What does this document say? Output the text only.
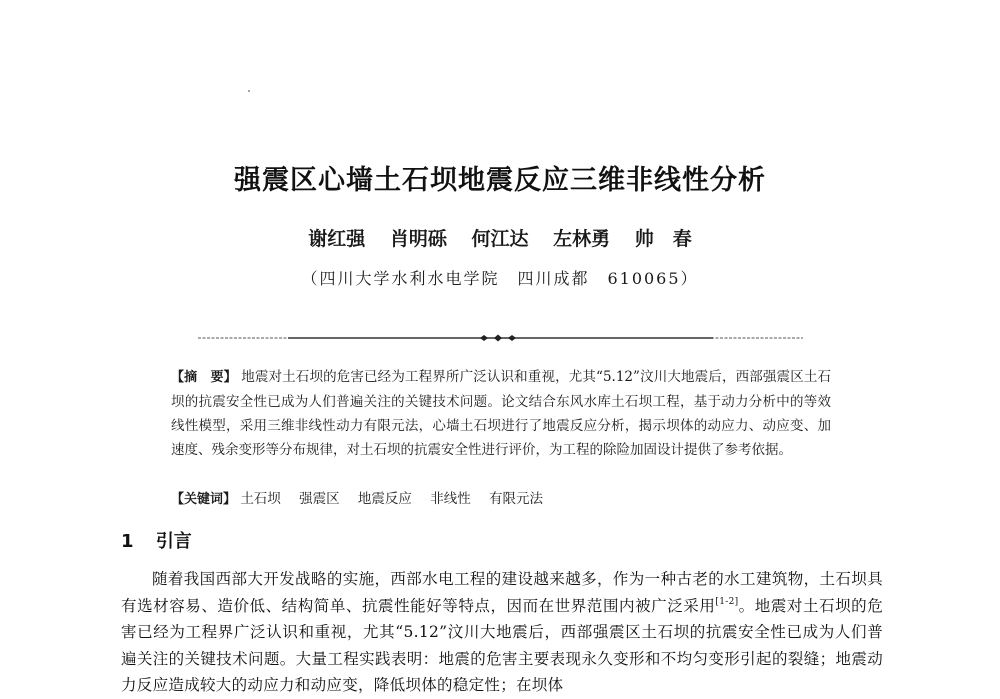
强震区心墙土石坝地震反应三维非线性分析
谢红强 肖明砾 何江达 左林勇 帅　春
（四川大学水利水电学院　四川成都　610065）
【摘　要】 地震对土石坝的危害已经为工程界所广泛认识和重视，尤其“5.12”汶川大地震后，西部强震区土石坝的抗震安全性已成为人们普遍关注的关键技术问题。论文结合东风水库土石坝工程，基于动力分析中的等效线性模型，采用三维非线性动力有限元法，心墙土石坝进行了地震反应分析，揭示坝体的动应力、动应变、加速度、残余变形等分布规律，对土石坝的抗震安全性进行评价，为工程的除险加固设计提供了参考依据。
【关键词】 土石坝 强震区 地震反应 非线性 有限元法
1 引言

随着我国西部大开发战略的实施，西部水电工程的建设越来越多，作为一种古老的水工建筑物，土石坝具有选材容易、造价低、结构简单、抗震性能好等特点，因而在世界范围内被广泛采用[1-2]。地震对土石坝的危害已经为工程界广泛认识和重视，尤其“5.12”汶川大地震后，西部强震区土石坝的抗震安全性已成为人们普遍关注的关键技术问题。大量工程实践表明：地震的危害主要表现永久变形和不均匀变形引起的裂缝；地震动力反应造成较大的动应力和动应变，降低坝体的稳定性；在坝体
